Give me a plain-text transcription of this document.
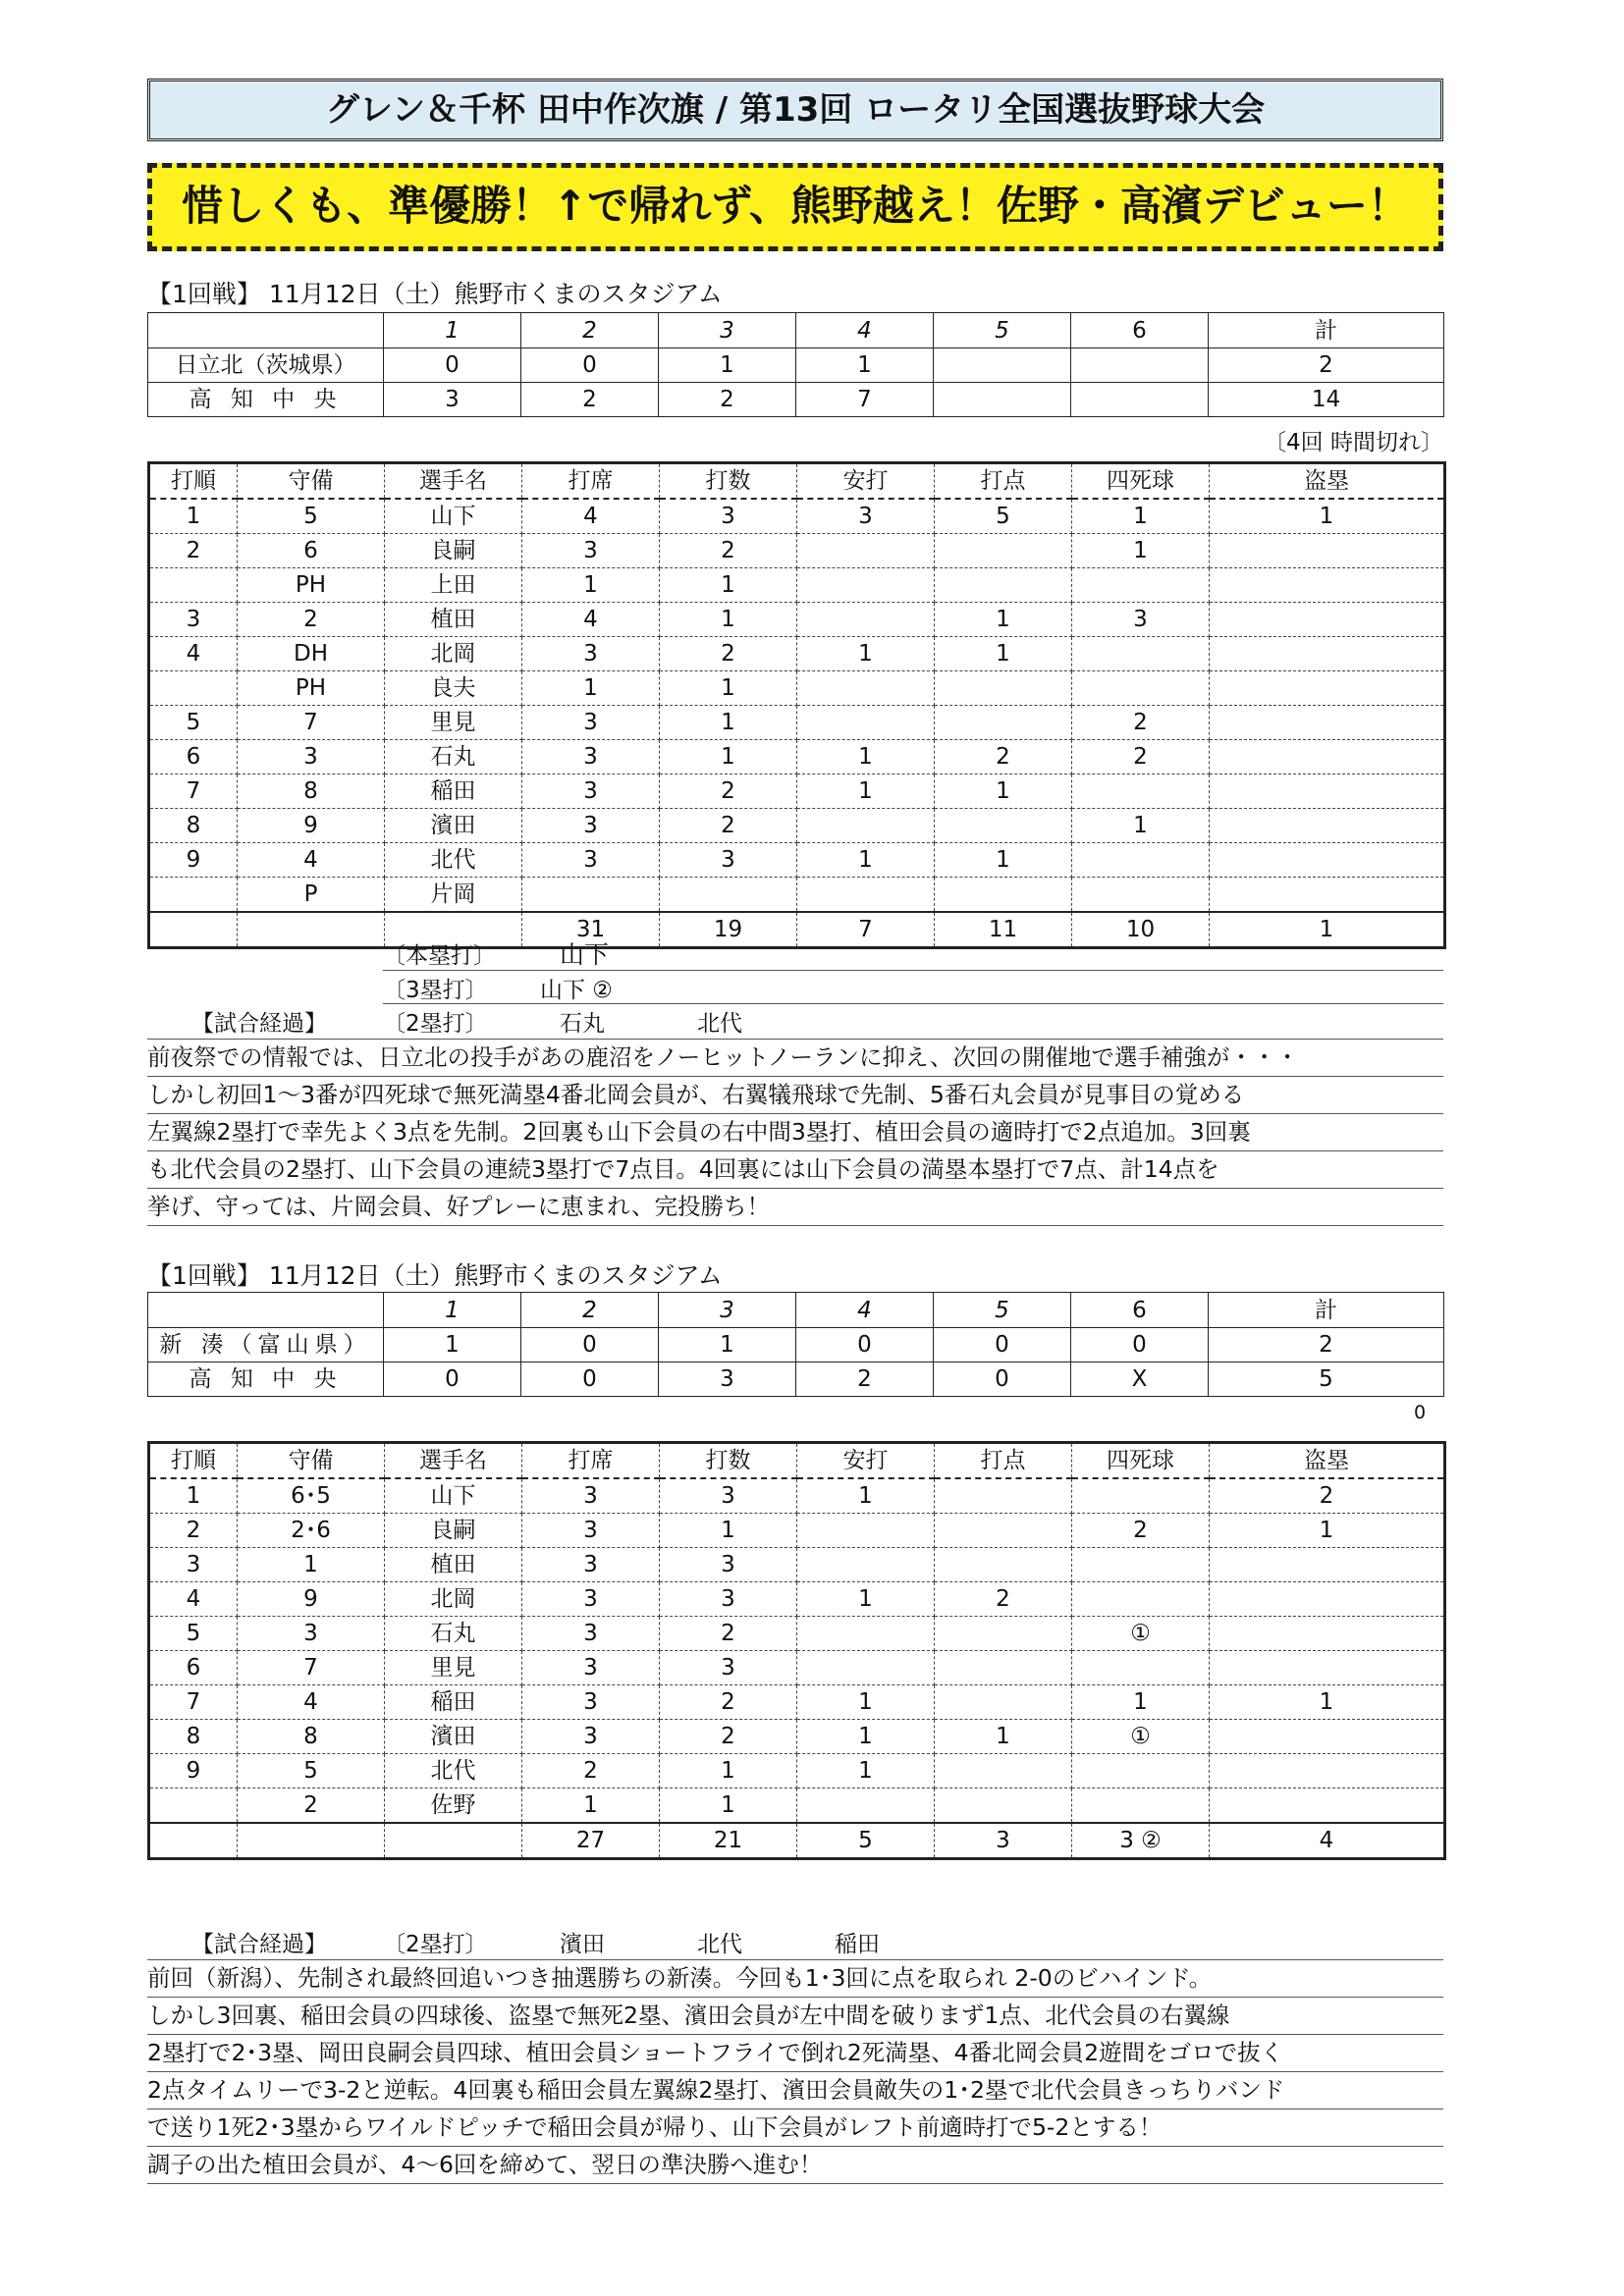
グレン＆千杯 田中作次旗 / 第13回 ロータリ全国選抜野球大会
惜しくも、準優勝！↑で帰れず、熊野越え！佐野・高濱デビュー！
【1回戦】 11月12日（土）熊野市くまのスタジアム
	1	2	3	4	5	6	計
日立北（茨城県）	0	0	1	1			2
高 知 中 央	3	2	2	7			14
〔4回 時間切れ〕
打順	守備	選手名	打席	打数	安打	打点	四死球	盗塁
1	5	山下	4	3	3	5	1	1
2	6	良嗣	3	2			1	
	PH	上田	1	1				
3	2	植田	4	1		1	3	
4	DH	北岡	3	2	1	1		
	PH	良夫	1	1				
5	7	里見	3	1			2	
6	3	石丸	3	1	1	2	2	
7	8	稲田	3	2	1	1		
8	9	濱田	3	2			1	
9	4	北代	3	3	1	1		
	P	片岡						
			31	19	7	11	10	1
〔本塁打〕	山下
〔3塁打〕 山下 ②
【試合経過】 〔2塁打〕	石丸	北代
前夜祭での情報では、日立北の投手があの鹿沼をノーヒットノーランに抑え、次回の開催地で選手補強が・・・
しかし初回1～3番が四死球で無死満塁4番北岡会員が、右翼犠飛球で先制、5番石丸会員が見事目の覚める
左翼線2塁打で幸先よく3点を先制。2回裏も山下会員の右中間3塁打、植田会員の適時打で2点追加。3回裏
も北代会員の2塁打、山下会員の連続3塁打で7点目。4回裏には山下会員の満塁本塁打で7点、計14点を
挙げ、守っては、片岡会員、好プレーに恵まれ、完投勝ち！
【1回戦】 11月12日（土）熊野市くまのスタジアム
	1	2	3	4	5	6	計
新 湊（富山県）	1	0	1	0	0	0	2
高 知 中 央	0	0	3	2	0	X	5
0
打順	守備	選手名	打席	打数	安打	打点	四死球	盗塁
1	6･5	山下	3	3	1			2
2	2･6	良嗣	3	1			2	1
3	1	植田	3	3				
4	9	北岡	3	3	1	2		
5	3	石丸	3	2			①	
6	7	里見	3	3				
7	4	稲田	3	2	1		1	1
8	8	濱田	3	2	1	1	①	
9	5	北代	2	1	1			
	2	佐野	1	1				
			27	21	5	3	3 ②	4
【試合経過】 〔2塁打〕	濱田	北代	稲田
前回（新潟）、先制され最終回追いつき抽選勝ちの新湊。今回も1･3回に点を取られ 2-0のビハインド。
しかし3回裏、稲田会員の四球後、盗塁で無死2塁、濱田会員が左中間を破りまず1点、北代会員の右翼線
2塁打で2･3塁、岡田良嗣会員四球、植田会員ショートフライで倒れ2死満塁、4番北岡会員2遊間をゴロで抜く
2点タイムリーで3-2と逆転。4回裏も稲田会員左翼線2塁打、濱田会員敵失の1･2塁で北代会員きっちりバンド
で送り1死2･3塁からワイルドピッチで稲田会員が帰り、山下会員がレフト前適時打で5-2とする！
調子の出た植田会員が、4～6回を締めて、翌日の準決勝へ進む！
